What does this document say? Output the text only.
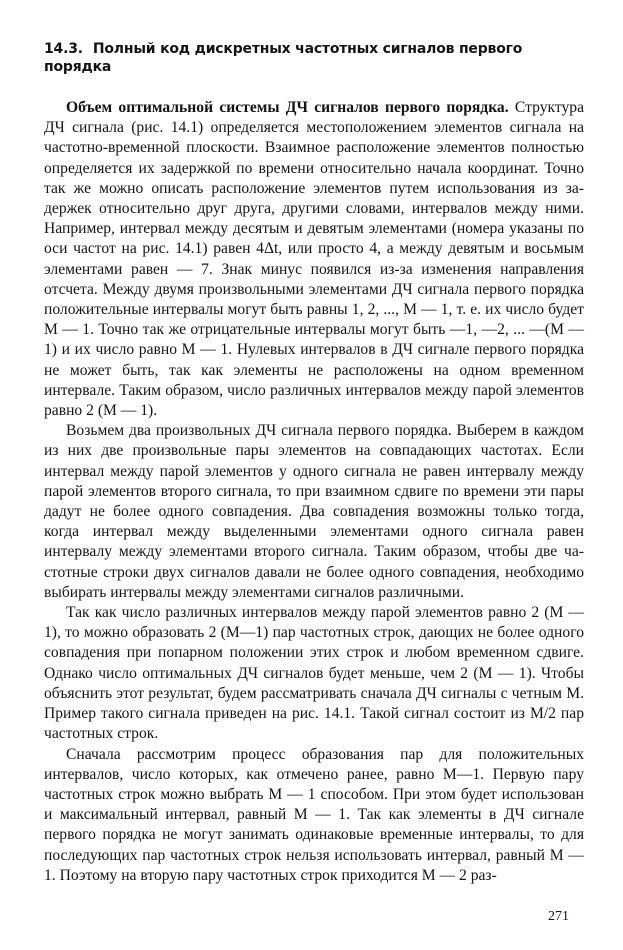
14.3. Полный код дискретных частотных сигналов первого порядка

Объем оптимальной системы ДЧ сигналов первого порядка. Структура ДЧ сигнала (рис. 14.1) определяется местоположением элементов сигнала на частотно-временной плоскости. Взаимное расположение элементов полностью определяется их задержкой по времени относительно начала координат. Точно так же можно описать расположение элементов путем использования из задержек относительно друг друга, другими словами, интервалов между ними. Например, интервал между десятым и девятым элементами (номера указаны по оси частот на рис. 14.1) равен 4Δt, или просто 4, а между девятым и восьмым элементами равен — 7. Знак минус появился из-за изменения направления отсчета. Между двумя произвольными элементами ДЧ сигнала первого порядка положительные интервалы могут быть равны 1, 2, ..., M — 1, т. е. их число будет M — 1. Точно так же отрицательные интервалы могут быть —1, —2, ... —(M — 1) и их число равно M — 1. Нулевых интервалов в ДЧ сигнале первого порядка не может быть, так как элементы не расположены на одном временном интервале. Таким образом, число различных интервалов между парой элементов равно 2 (M — 1).

Возьмем два произвольных ДЧ сигнала первого порядка. Выберем в каждом из них две произвольные пары элементов на совпадающих частотах. Если интервал между парой элементов у одного сигнала не равен интервалу между парой элементов второго сигнала, то при взаимном сдвиге по времени эти пары дадут не более одного совпадения. Два совпадения возможны только тогда, когда интервал между выделенными элементами одного сигнала равен интервалу между элементами второго сигнала. Таким образом, чтобы две частотные строки двух сигналов давали не более одного совпадения, необходимо выбирать интервалы между элементами сигналов различными.

Так как число различных интервалов между парой элементов равно 2 (M — 1), то можно образовать 2 (M—1) пар частотных строк, дающих не более одного совпадения при попарном положении этих строк и любом временном сдвиге. Однако число оптимальных ДЧ сигналов будет меньше, чем 2 (M — 1). Чтобы объяснить этот результат, будем рассматривать сначала ДЧ сигналы с четным M. Пример такого сигнала приведен на рис. 14.1. Такой сигнал состоит из M/2 пар частотных строк.

Сначала рассмотрим процесс образования пар для положительных интервалов, число которых, как отмечено ранее, равно M—1. Первую пару частотных строк можно выбрать M — 1 способом. При этом будет использован и максимальный интервал, равный M — 1. Так как элементы в ДЧ сигнале первого порядка не могут занимать одинаковые временные интервалы, то для последующих пар частотных строк нельзя использовать интервал, равный M — 1. Поэтому на вторую пару частотных строк приходится M — 2 раз-

271
